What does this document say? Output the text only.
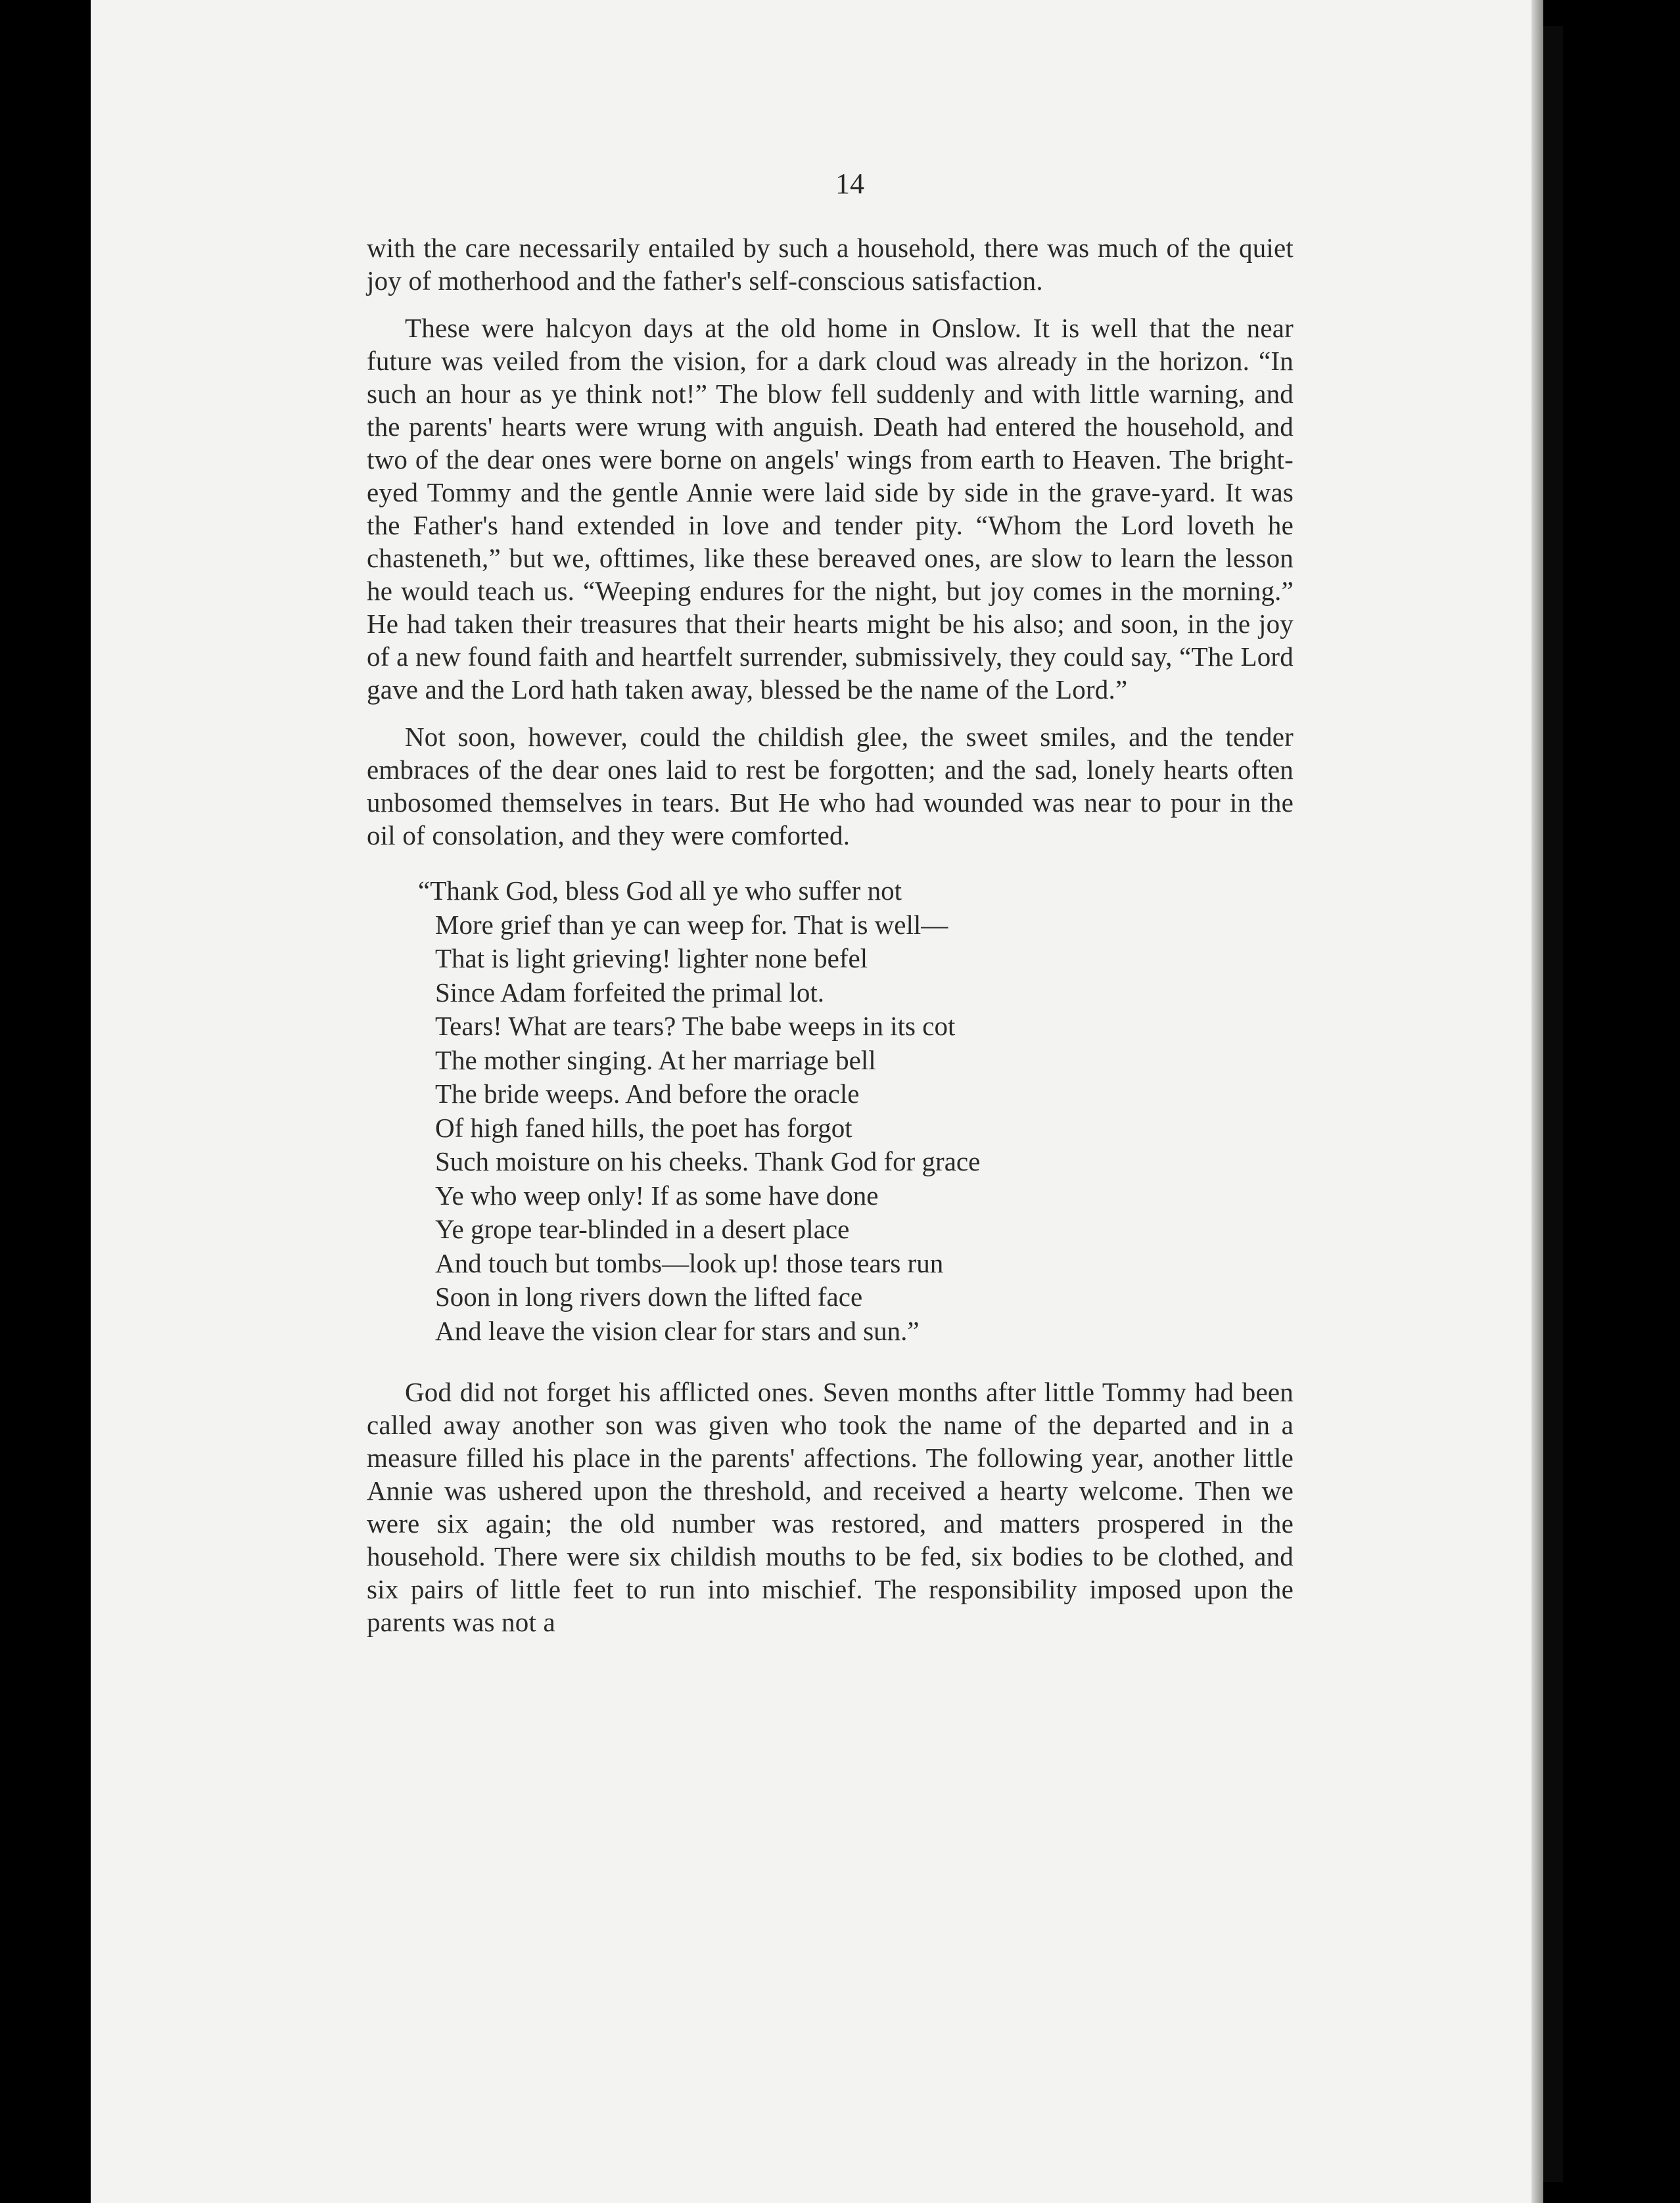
14

with the care necessarily entailed by such a household, there was much of the quiet joy of motherhood and the father's self-conscious satisfaction.

These were halcyon days at the old home in Onslow. It is well that the near future was veiled from the vision, for a dark cloud was already in the horizon. “In such an hour as ye think not!” The blow fell suddenly and with little warning, and the parents' hearts were wrung with anguish. Death had entered the household, and two of the dear ones were borne on angels' wings from earth to Heaven. The bright-eyed Tommy and the gentle Annie were laid side by side in the grave-yard. It was the Father's hand extended in love and tender pity. “Whom the Lord loveth he chasteneth,” but we, ofttimes, like these bereaved ones, are slow to learn the lesson he would teach us. “Weeping endures for the night, but joy comes in the morning.” He had taken their treasures that their hearts might be his also; and soon, in the joy of a new found faith and heartfelt surrender, submissively, they could say, “The Lord gave and the Lord hath taken away, blessed be the name of the Lord.”

Not soon, however, could the childish glee, the sweet smiles, and the tender embraces of the dear ones laid to rest be forgotten; and the sad, lonely hearts often unbosomed themselves in tears. But He who had wounded was near to pour in the oil of consolation, and they were comforted.

“Thank God, bless God all ye who suffer not
More grief than ye can weep for. That is well—
That is light grieving! lighter none befel
Since Adam forfeited the primal lot.
Tears! What are tears? The babe weeps in its cot
The mother singing. At her marriage bell
The bride weeps. And before the oracle
Of high faned hills, the poet has forgot
Such moisture on his cheeks. Thank God for grace
Ye who weep only! If as some have done
Ye grope tear-blinded in a desert place
And touch but tombs—look up! those tears run
Soon in long rivers down the lifted face
And leave the vision clear for stars and sun.”

God did not forget his afflicted ones. Seven months after little Tommy had been called away another son was given who took the name of the departed and in a measure filled his place in the parents' affections. The following year, another little Annie was ushered upon the threshold, and received a hearty welcome. Then we were six again; the old number was restored, and matters prospered in the household. There were six childish mouths to be fed, six bodies to be clothed, and six pairs of little feet to run into mischief. The responsibility imposed upon the parents was not a
